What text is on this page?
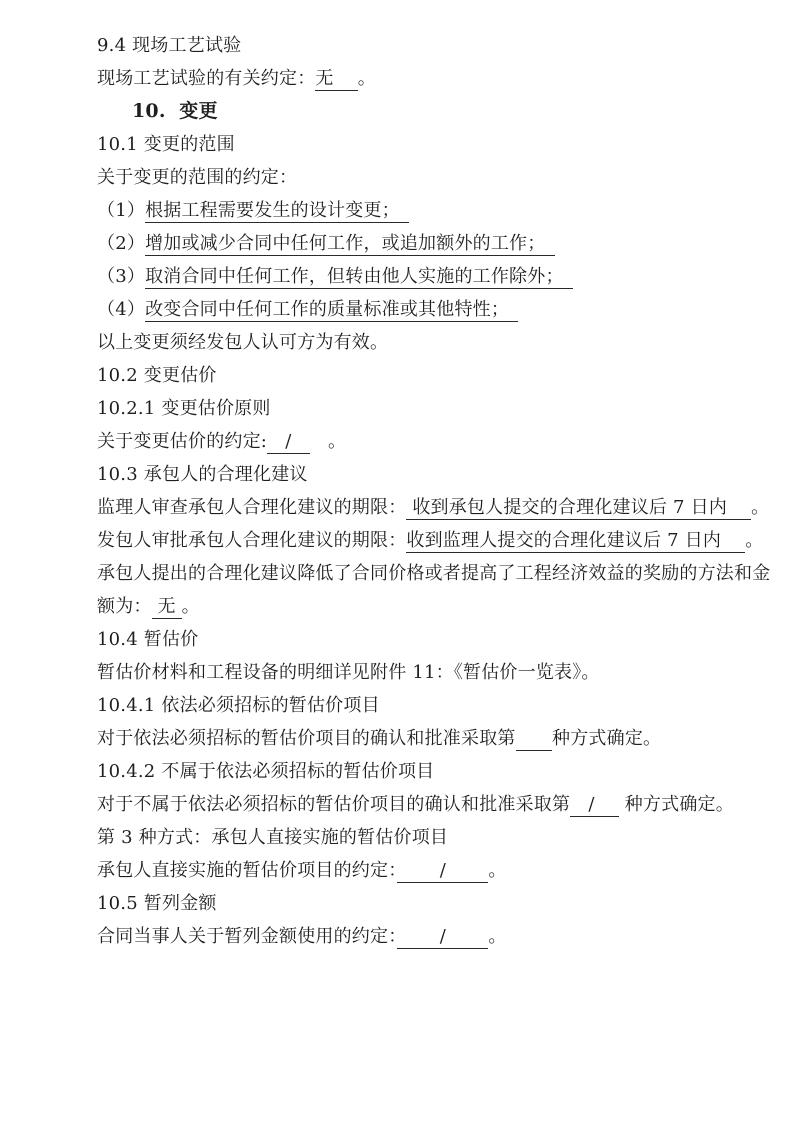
9.4 现场工艺试验
现场工艺试验的有关约定：无　 。
10.  变更
10.1 变更的范围
关于变更的范围的约定：
（1）根据工程需要发生的设计变更；　
（2）增加或减少合同中任何工作，或追加额外的工作；　
（3）取消合同中任何工作，但转由他人实施的工作除外；　
（4）改变合同中任何工作的质量标准或其他特性；　
以上变更须经发包人认可方为有效。
10.2 变更估价
10.2.1 变更估价原则
关于变更估价的约定:　/　　。
10.3 承包人的合理化建议
监理人审查承包人合理化建议的期限： 收到承包人提交的合理化建议后 7 日内　 。
发包人审批承包人合理化建议的期限：收到监理人提交的合理化建议后 7 日内　 。
承包人提出的合理化建议降低了合同价格或者提高了工程经济效益的奖励的方法和金
额为： 无 。
10.4 暂估价
暂估价材料和工程设备的明细详见附件 11：《暂估价一览表》。
10.4.1 依法必须招标的暂估价项目
对于依法必须招标的暂估价项目的确认和批准采取第　　 种方式确定。
10.4.2 不属于依法必须招标的暂估价项目
对于不属于依法必须招标的暂估价项目的确认和批准采取第　/　  种方式确定。
第 3 种方式：承包人直接实施的暂估价项目
承包人直接实施的暂估价项目的约定：　　 /　　 。
10.5 暂列金额
合同当事人关于暂列金额使用的约定：　　 /　　 。
